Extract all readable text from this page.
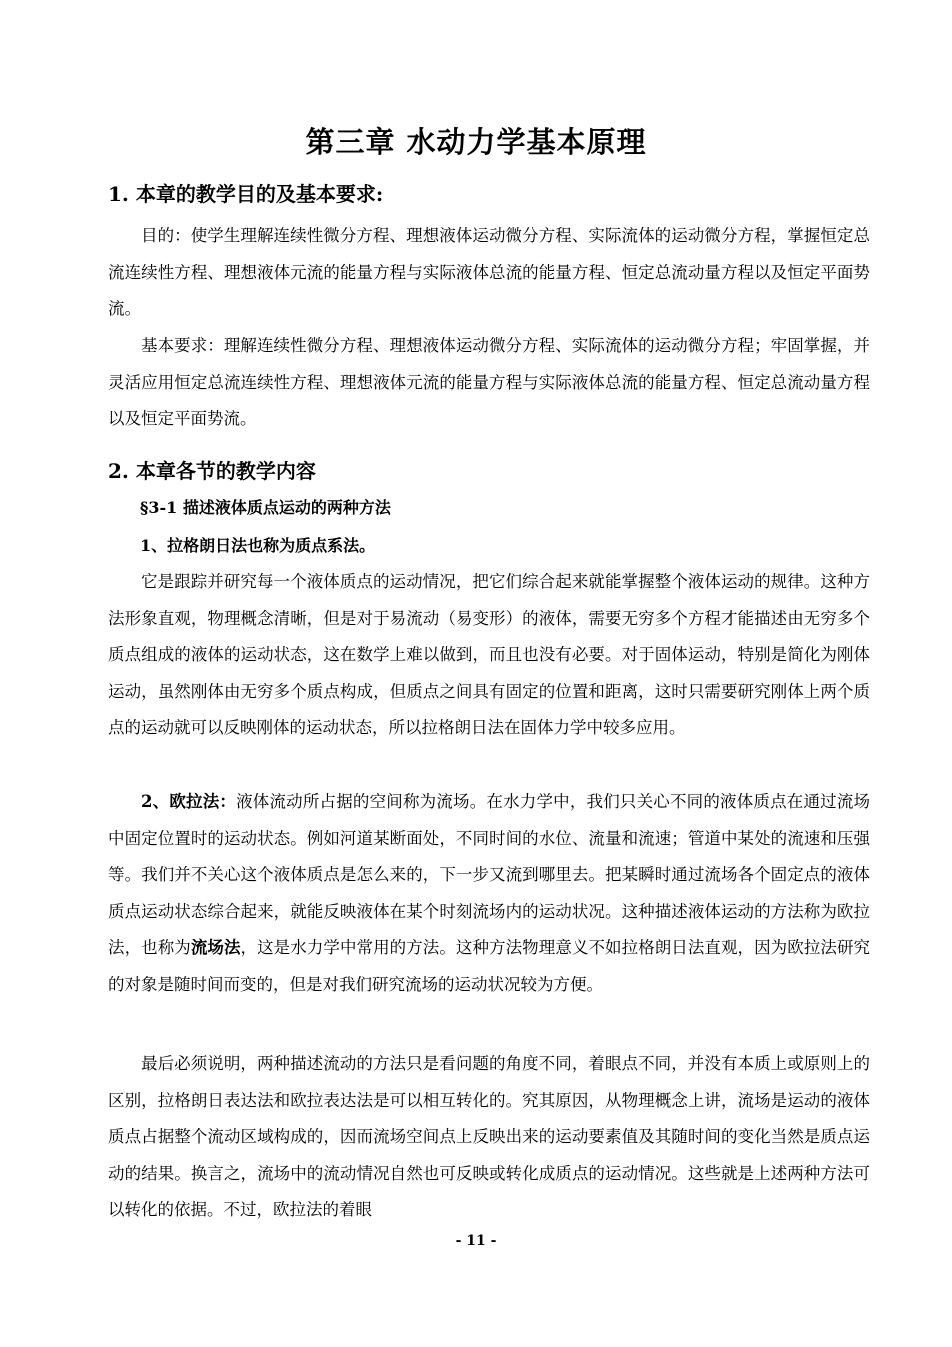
第三章 水动力学基本原理
1. 本章的教学目的及基本要求:

目的：使学生理解连续性微分方程、理想液体运动微分方程、实际流体的运动微分方程，掌握恒定总流连续性方程、理想液体元流的能量方程与实际液体总流的能量方程、恒定总流动量方程以及恒定平面势流。

基本要求：理解连续性微分方程、理想液体运动微分方程、实际流体的运动微分方程；牢固掌握，并灵活应用恒定总流连续性方程、理想液体元流的能量方程与实际液体总流的能量方程、恒定总流动量方程以及恒定平面势流。

2. 本章各节的教学内容

§3-1 描述液体质点运动的两种方法

1、拉格朗日法也称为质点系法。

它是跟踪并研究每一个液体质点的运动情况，把它们综合起来就能掌握整个液体运动的规律。这种方法形象直观，物理概念清晰，但是对于易流动（易变形）的液体，需要无穷多个方程才能描述由无穷多个质点组成的液体的运动状态，这在数学上难以做到，而且也没有必要。对于固体运动，特别是简化为刚体运动，虽然刚体由无穷多个质点构成，但质点之间具有固定的位置和距离，这时只需要研究刚体上两个质点的运动就可以反映刚体的运动状态，所以拉格朗日法在固体力学中较多应用。

2、欧拉法：液体流动所占据的空间称为流场。在水力学中，我们只关心不同的液体质点在通过流场中固定位置时的运动状态。例如河道某断面处，不同时间的水位、流量和流速；管道中某处的流速和压强等。我们并不关心这个液体质点是怎么来的，下一步又流到哪里去。把某瞬时通过流场各个固定点的液体质点运动状态综合起来，就能反映液体在某个时刻流场内的运动状况。这种描述液体运动的方法称为欧拉法，也称为流场法，这是水力学中常用的方法。这种方法物理意义不如拉格朗日法直观，因为欧拉法研究的对象是随时间而变的，但是对我们研究流场的运动状况较为方便。

最后必须说明，两种描述流动的方法只是看问题的角度不同，着眼点不同，并没有本质上或原则上的区别，拉格朗日表达法和欧拉表达法是可以相互转化的。究其原因，从物理概念上讲，流场是运动的液体质点占据整个流动区域构成的，因而流场空间点上反映出来的运动要素值及其随时间的变化当然是质点运动的结果。换言之，流场中的流动情况自然也可反映或转化成质点的运动情况。这些就是上述两种方法可以转化的依据。不过，欧拉法的着眼

- 11 -
